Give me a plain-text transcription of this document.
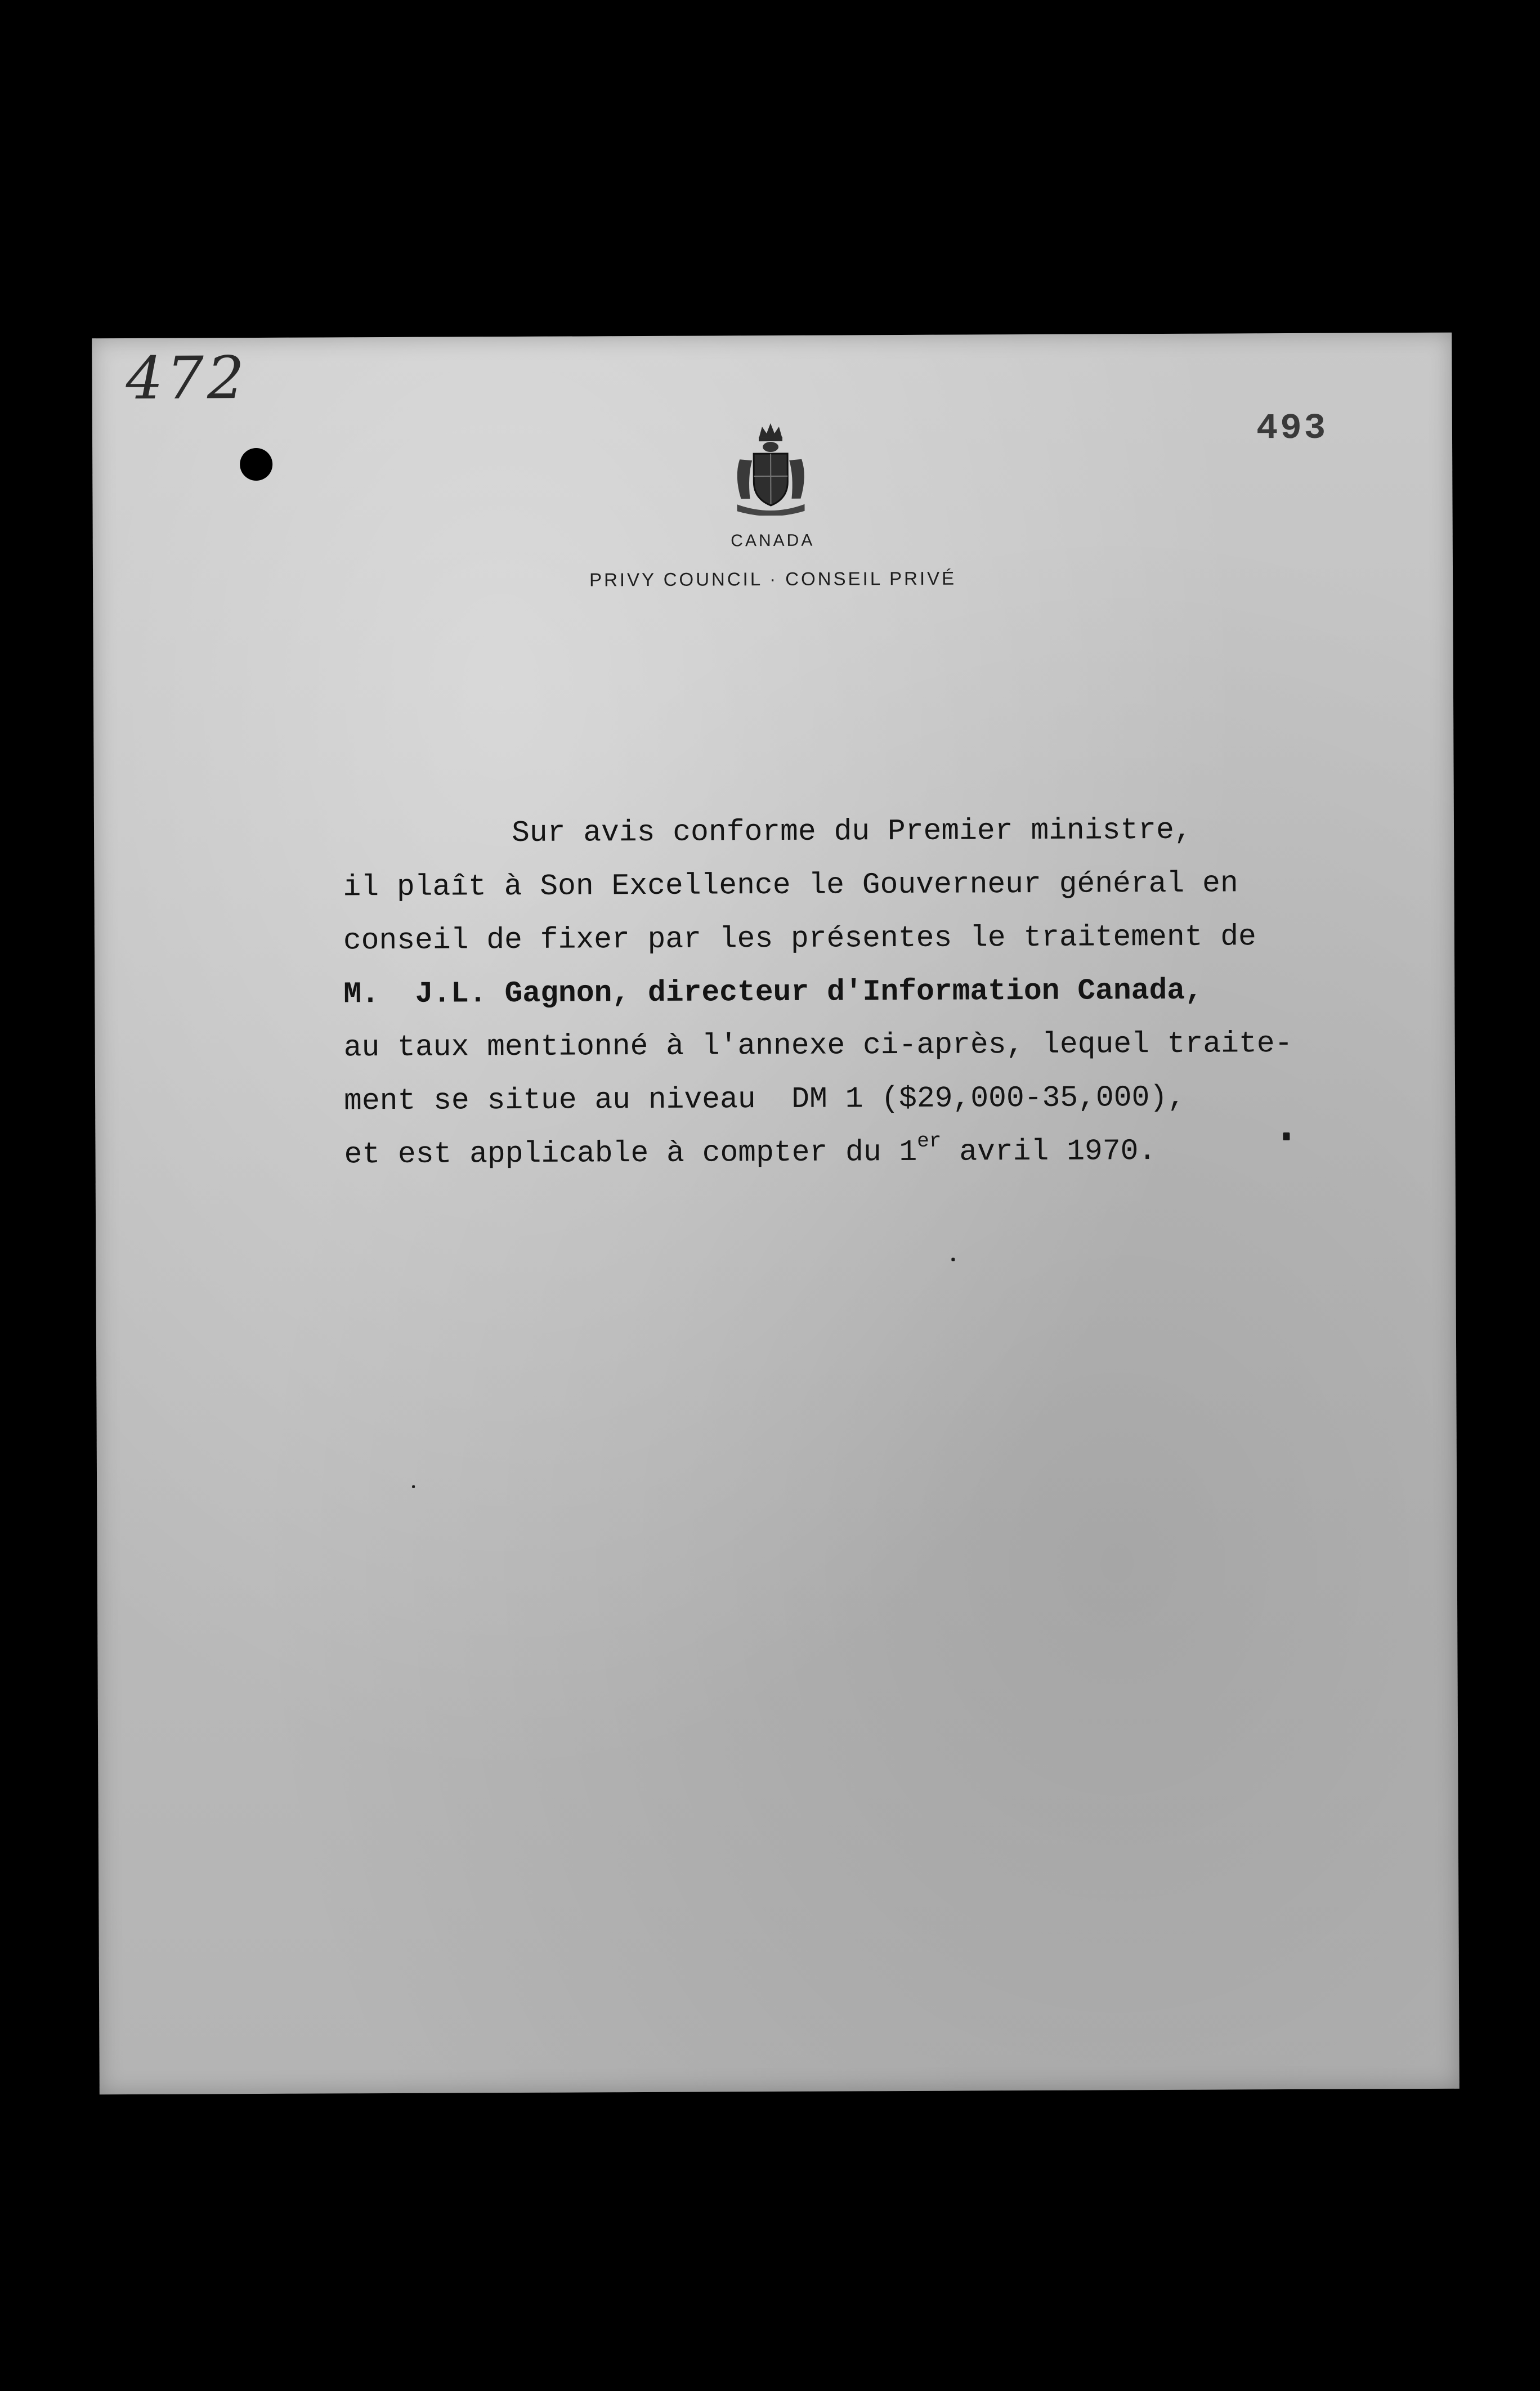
472
493
CANADA
PRIVY COUNCIL · CONSEIL PRIVÉ
Sur avis conforme du Premier ministre,
il plaît à Son Excellence le Gouverneur général en
conseil de fixer par les présentes le traitement de
M.  J.L. Gagnon, directeur d'Information Canada,
au taux mentionné à l'annexe ci-après, lequel traite-
ment se situe au niveau  DM 1 ($29,000-35,000),
et est applicable à compter du 1er avril 1970.
